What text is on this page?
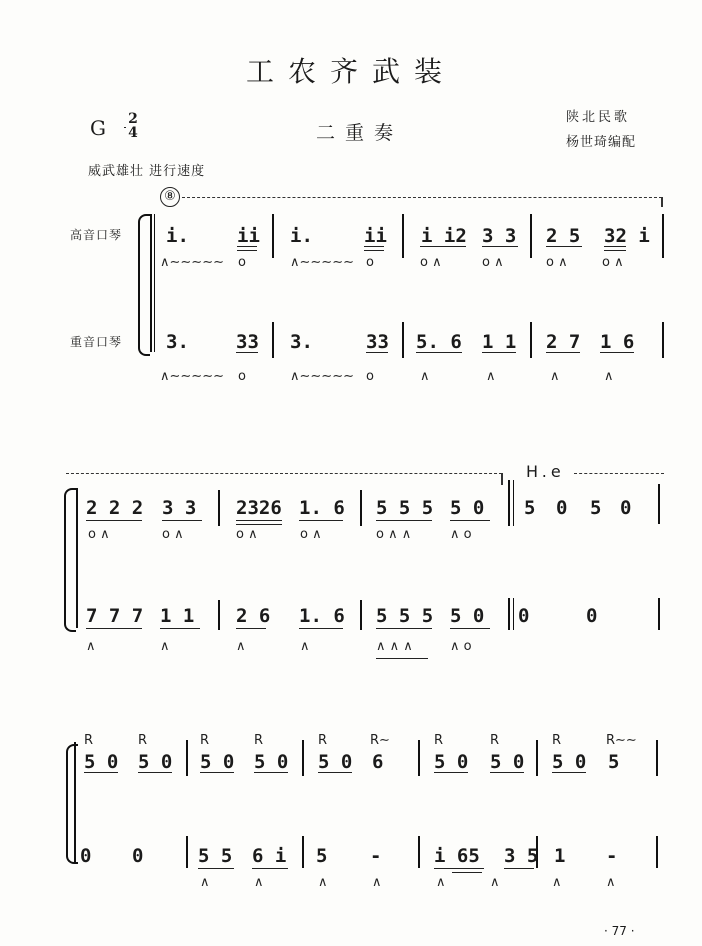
工农齐武装
G 2
4	二重奏
陕北民歌
杨世琦编配
威武雄壮 进行速度
⑧
H.e
高音口琴
重音口琴
i.	ii i.	ii i i2 3 3 2 5 32 i
3. 33 3.	33 5. 6 1 1 2 7 1 6
∧∼∼∼∼∼ o	∧∼∼∼∼∼ o	o ∧	o ∧	o ∧	o ∧
∧∼∼∼∼∼ o	∧∼∼∼∼∼ o	∧	∧	∧	∧
2 2 2 3 3 2326 1. 6 5 5 5 5 0 5 0 5 0
7 7 7 1 1 2 6 1. 6 5 5 5 5 0 0	0
o ∧	o ∧	o ∧	o ∧	o ∧ ∧	∧ o
∧	∧	∧	∧	∧ ∧ ∧	∧ o
R	R	R	R	R	R∼	R	R	R	R∼∼
5 0 5 0 5 0 5 0 5 0 6	5 0 5 0 5 0 5
0 0	5 5 6 i 5 -	i 65 3 5 1 -
∧	∧	∧	∧	∧	∧	∧	∧
· 77 ·
